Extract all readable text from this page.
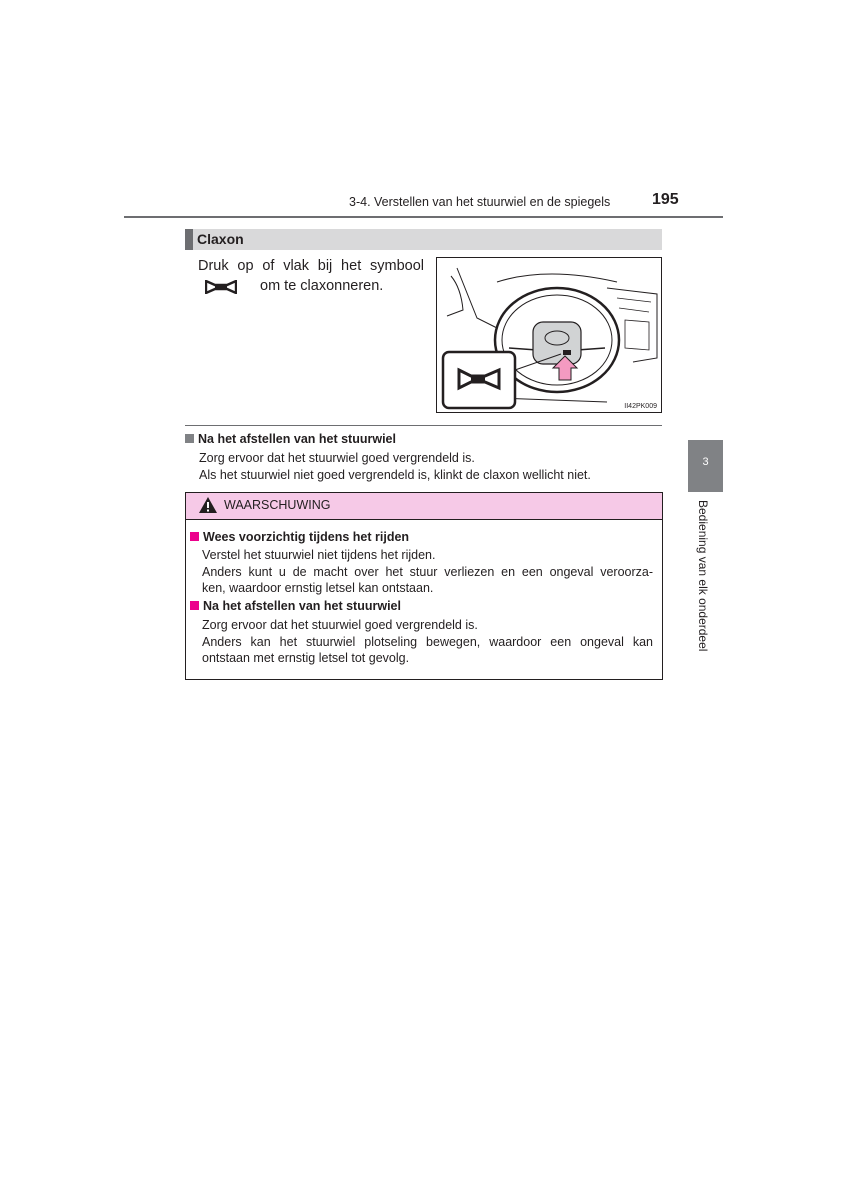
3-4. Verstellen van het stuurwiel en de spiegels	195
Claxon
Druk op of vlak bij het symbool
om te claxonneren.
II42PK009
Na het afstellen van het stuurwiel
Zorg ervoor dat het stuurwiel goed vergrendeld is.
Als het stuurwiel niet goed vergrendeld is, klinkt de claxon wellicht niet.
WAARSCHUWING
Wees voorzichtig tijdens het rijden
Verstel het stuurwiel niet tijdens het rijden.
Anders kunt u de macht over het stuur verliezen en een ongeval veroorza-
ken, waardoor ernstig letsel kan ontstaan.
Na het afstellen van het stuurwiel
Zorg ervoor dat het stuurwiel goed vergrendeld is.
Anders kan het stuurwiel plotseling bewegen, waardoor een ongeval kan
ontstaan met ernstig letsel tot gevolg.
3
Bediening van elk onderdeel
